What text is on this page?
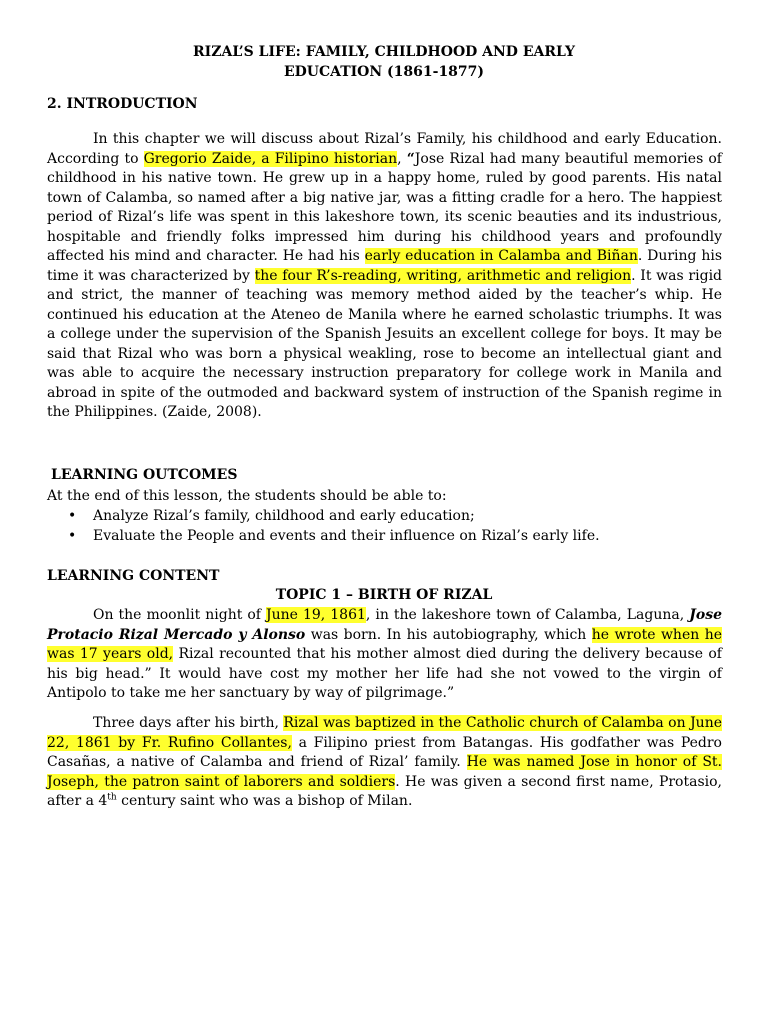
RIZAL’S LIFE: FAMILY, CHILDHOOD AND EARLY
EDUCATION (1861-1877)
2. INTRODUCTION

In this chapter we will discuss about Rizal’s Family, his childhood and early Education. According to Gregorio Zaide, a Filipino historian, “Jose Rizal had many beautiful memories of childhood in his native town. He grew up in a happy home, ruled by good parents. His natal town of Calamba, so named after a big native jar, was a fitting cradle for a hero. The happiest period of Rizal’s life was spent in this lakeshore town, its scenic beauties and its industrious, hospitable and friendly folks impressed him during his childhood years and profoundly affected his mind and character. He had his early education in Calamba and Biñan. During his time it was characterized by the four R’s-reading, writing, arithmetic and religion. It was rigid and strict, the manner of teaching was memory method aided by the teacher’s whip. He continued his education at the Ateneo de Manila where he earned scholastic triumphs. It was a college under the supervision of the Spanish Jesuits an excellent college for boys. It may be said that Rizal who was born a physical weakling, rose to become an intellectual giant and was able to acquire the necessary instruction preparatory for college work in Manila and abroad in spite of the outmoded and backward system of instruction of the Spanish regime in the Philippines. (Zaide, 2008).

LEARNING OUTCOMES
At the end of this lesson, the students should be able to:
• Analyze Rizal’s family, childhood and early education;
• Evaluate the People and events and their influence on Rizal’s early life.
LEARNING CONTENT
TOPIC 1 – BIRTH OF RIZAL

On the moonlit night of June 19, 1861, in the lakeshore town of Calamba, Laguna, Jose Protacio Rizal Mercado y Alonso was born. In his autobiography, which he wrote when he was 17 years old, Rizal recounted that his mother almost died during the delivery because of his big head.” It would have cost my mother her life had she not vowed to the virgin of Antipolo to take me her sanctuary by way of pilgrimage.”

Three days after his birth, Rizal was baptized in the Catholic church of Calamba on June 22, 1861 by Fr. Rufino Collantes, a Filipino priest from Batangas. His godfather was Pedro Casañas, a native of Calamba and friend of Rizal’ family. He was named Jose in honor of St. Joseph, the patron saint of laborers and soldiers. He was given a second first name, Protasio, after a 4th century saint who was a bishop of Milan.
